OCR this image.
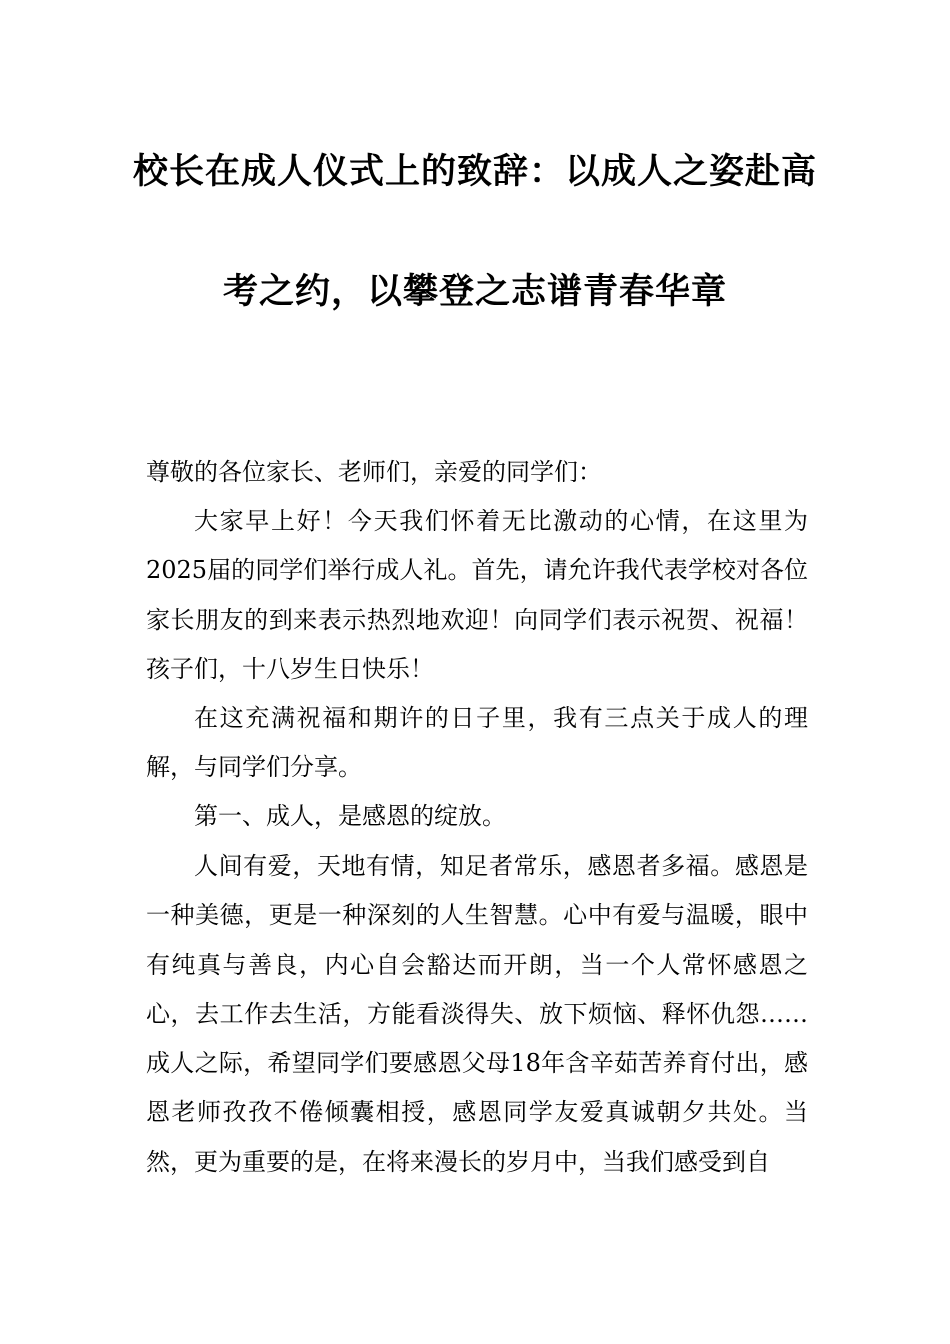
校长在成人仪式上的致辞：以成人之姿赴高
考之约，以攀登之志谱青春华章

尊敬的各位家长、老师们，亲爱的同学们：

大家早上好！今天我们怀着无比激动的心情，在这里为2025届的同学们举行成人礼。首先，请允许我代表学校对各位家长朋友的到来表示热烈地欢迎！向同学们表示祝贺、祝福！孩子们，十八岁生日快乐！

在这充满祝福和期许的日子里，我有三点关于成人的理解，与同学们分享。

第一、成人，是感恩的绽放。

人间有爱，天地有情，知足者常乐，感恩者多福。感恩是一种美德，更是一种深刻的人生智慧。心中有爱与温暖，眼中有纯真与善良，内心自会豁达而开朗，当一个人常怀感恩之心，去工作去生活，方能看淡得失、放下烦恼、释怀仇怨……成人之际，希望同学们要感恩父母18年含辛茹苦养育付出，感恩老师孜孜不倦倾囊相授，感恩同学友爱真诚朝夕共处。当然，更为重要的是，在将来漫长的岁月中，当我们感受到自
